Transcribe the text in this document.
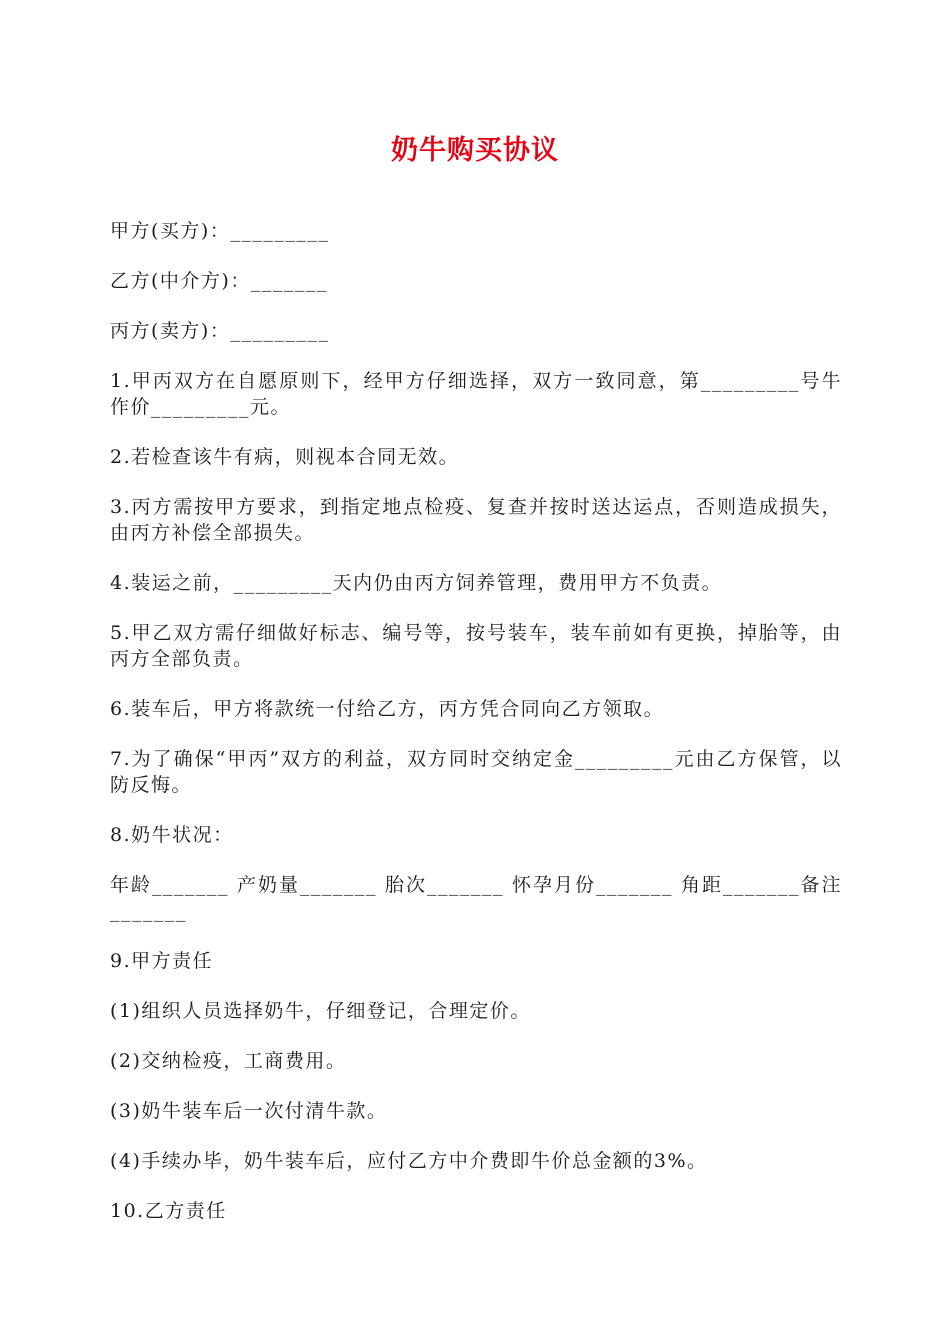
奶牛购买协议

甲方(买方)：_________

乙方(中介方)：_______

丙方(卖方)：_________

1.甲丙双方在自愿原则下，经甲方仔细选择，双方一致同意，第_________号牛作价_________元。

2.若检查该牛有病，则视本合同无效。

3.丙方需按甲方要求，到指定地点检疫、复查并按时送达运点，否则造成损失，由丙方补偿全部损失。

4.装运之前，_________天内仍由丙方饲养管理，费用甲方不负责。

5.甲乙双方需仔细做好标志、编号等，按号装车，装车前如有更换，掉胎等，由丙方全部负责。

6.装车后，甲方将款统一付给乙方，丙方凭合同向乙方领取。

7.为了确保“甲丙”双方的利益，双方同时交纳定金_________元由乙方保管，以防反悔。

8.奶牛状况：

年龄_______ 产奶量_______ 胎次_______ 怀孕月份_______ 角距_______备注_______

9.甲方责任

(1)组织人员选择奶牛，仔细登记，合理定价。

(2)交纳检疫，工商费用。

(3)奶牛装车后一次付清牛款。

(4)手续办毕，奶牛装车后，应付乙方中介费即牛价总金额的3%。

10.乙方责任
